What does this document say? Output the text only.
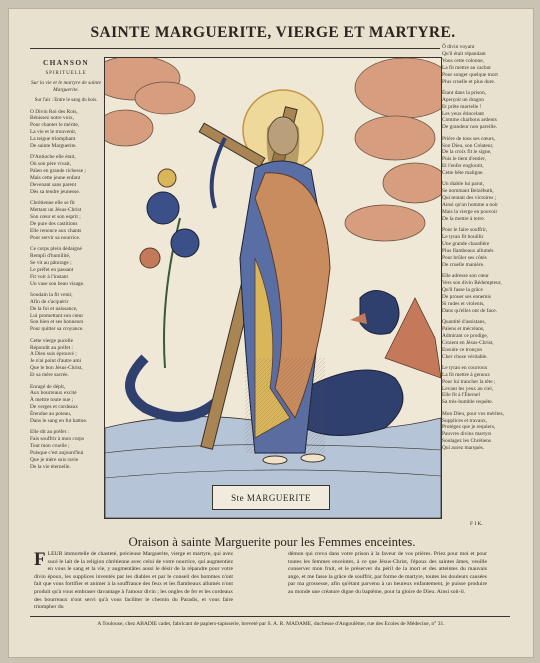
SAINTE MARGUERITE, VIERGE ET MARTYRE.
CHANSON
SPIRITUELLE
Sur la vie et le martyre de sainte Marguerite.
Sur l'air : Entre le sang du bois.

O Divin Roi des Rois,
Bénissez notre voix,
Pour chanter le mérite,
La vie et le trouvenir,
La teigue triomphant
De sainte Marguerite.

D'Antioche elle était,
Où son père vivait,
Païen en grande richesse ;
Mais cette jeune enfant
Devenant sans parent
Dès sa tendre jeunesse.

Chrétienne elle se fit
Mettant un Jésus-Christ
Son cœur et son esprit ;
De pure des castitions
Elle renonce aux chants
Pour servir sa nourrice.

Ce corps plein dédaigné
Rempli d'humilité,
Se vit au pâturage ;
Le préfet en passant
Fit voir à l'instant
Un vase son beau visage.

Soudain la fit venir,
Afin de s'acquérir
De la foi et naissance,
Lui promettant son cœur
Son bien et ses honneurs
Pour quitter sa croyance.

Cette vierge pucelle
Répondit au préfet :
A Dieu suis éprouvé ;
Je n'ai point d'autre ami
Que le bon Jésus-Christ,
Et sa mère sacrée.

Enragé de dépit,
Aux bourreaux excité
À mettre toute nue ;
De verges et cordeaux
Étendue au poteau,
Dans le sang en fut battue.

Elle dit au préfet :
Fais souffrir à mon corps
Tout mon cruelle ;
Puisque c'est aujourd'hui
Que je mère suis ravie
De la vie éternelle.

Ô divin voyant
Qu'il était répandant
Vous cette colonne,
La fit mettre au cachot
Pour songer quelque mort
Plus cruelle et plus dure.

Étant dans la prison,
Aperçoit un dragon
Et prête mortelle !
Les yeux étincelant
Comme charbons ardents
De grandeur non pareille.

Prière de tous ses cœurs,
Son Dieu, son Créateur,
De la croix fit le signe,
Puis le tient d'entier,
Et l'enfer engloutit,
Cette bête maligne.

Un diable lui parut,
Se nommant Belzébuth,
Qui tentait des victoires ;
Ainsi qu'un homme a noir
Mais la vierge en pouvoir
De la mettre à terre.

Pour le faire souffrir,
Le tyran fit bouillir
Une grande chaudière
Plus flambeaux allumés
Pour brûler ses côtés
De cruelle manière.

Elle adresse son cœur
Vers son divin Rédempteur,
Qu'il fasse la grâce
De prouer ses ennemis
Si rudes et violents,
Dans qu'elles ont de face.

Quantité d'assistans,
Païens et mécréans,
Admirant ce prodige,
Croient en Jésus-Christ,
Ensuite ce tronçon
Cher chose véritable.

Le tyran en courroux
La fit mettre à genoux
Pour lui trancher la tête ;
Levant les yeux au ciel,
Elle fit à l'Éternel
Sa très-humble requête.

Mon Dieu, pour vos mérites,
Supplices et travaux,
Protégez que je requiers,
Pauvres divins martyrs
Soulagez les Chrétiens
Qui aurez marqués.

Ste MARGUERITE
F I K.
Oraison à sainte Marguerite pour les Femmes enceintes.
FLEUR immortelle de chasteté, précieuse Marguerite, vierge et martyre, qui avez sucé le lait de la religion chrétienne avec celui de votre nourrice, qui augmentiez en vous le sang et la vie, y augmentâtes aussi le désir de la répandre pour votre divin époux, les supplices inventés par les diables et par le conseil des hommes n'ont fait que vous fortifier et animer à la souffrance des feux et les flambeaux allumés n'ont produit qu'à vous embraser davantage à l'amour divin ; les ongles de fer et les cordeaux des bourreaux n'ont servi qu'à vous faciliter le chemin du Paradis, et vous faire triompher du
démon qui creva dans votre prison à la faveur de vos prières. Priez pour moi et pour toutes les femmes enceintes, à ce que Jésus-Christ, l'époux des saintes âmes, veuille conserver mon fruit, et le préserver du péril de la mort et des atteintes du mauvais ange, et me fasse la grâce de souffrir, par forme de martyre, toutes les douleurs causées par ma grossesse, afin qu'étant parvenu à un heureux enfantement, je puisse produire au monde une créature digne du baptême, pour la gloire de Dieu. Ainsi soit-il.
A Toulouse, chez ABADIE cadet, fabricant de papiers-tapisserie, breveté par S. A. R. MADAME, duchesse d'Angoulême, rue des Ecoles de Médecine, n° 31.
